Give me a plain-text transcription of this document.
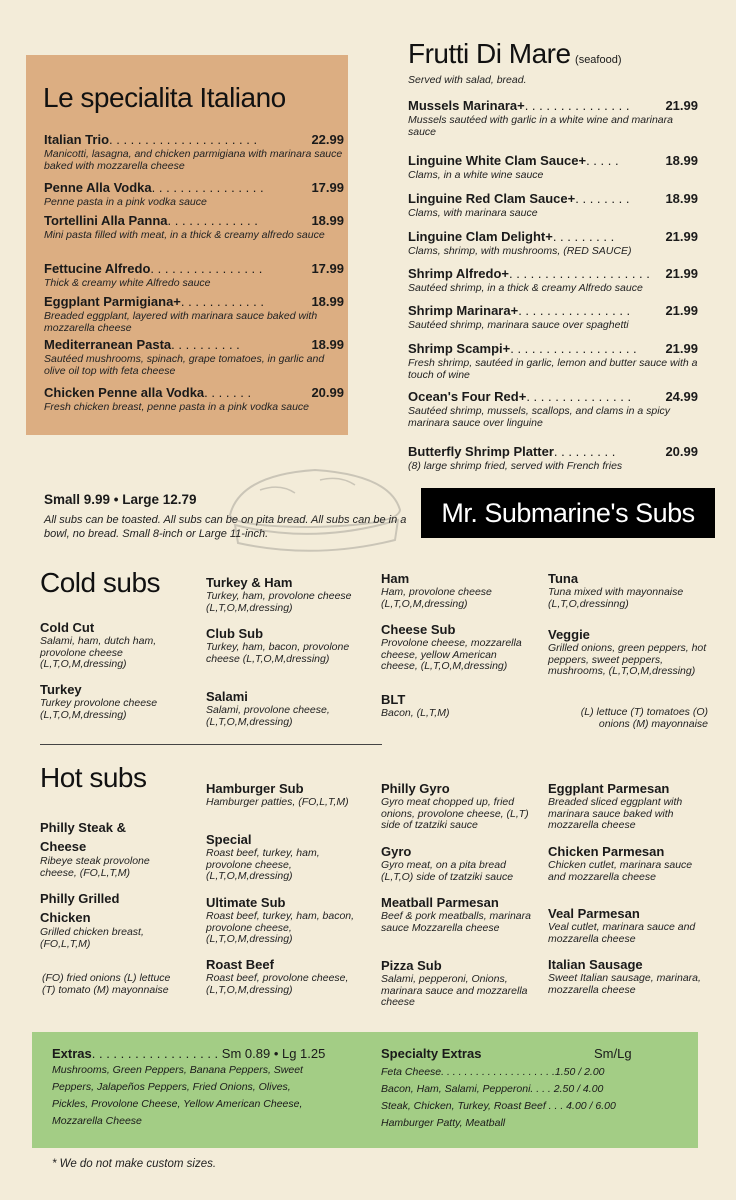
Le specialita Italiano
Italian Trio. . . . . . . . . . . . . . . . . . . . .	22.99
Manicotti, lasagna, and chicken parmigiana with marinara sauce baked with mozzarella cheese
Penne Alla Vodka. . . . . . . . . . . . . . . .	17.99
Penne pasta in a pink vodka sauce
Tortellini Alla Panna. . . . . . . . . . . . .	18.99
Mini pasta filled with meat, in a thick & creamy alfredo sauce
Fettucine Alfredo. . . . . . . . . . . . . . . .	17.99
Thick & creamy white Alfredo sauce
Eggplant Parmigiana+. . . . . . . . . . . .	18.99
Breaded eggplant, layered with marinara sauce baked with mozzarella cheese
Mediterranean Pasta. . . . . . . . . .	18.99
Sautéed mushrooms, spinach, grape tomatoes, in garlic and olive oil top with feta cheese
Chicken Penne alla Vodka. . . . . . .	20.99
Fresh chicken breast, penne pasta in a pink vodka sauce
Frutti Di Mare (seafood)
Served with salad, bread.
Mussels Marinara+. . . . . . . . . . . . . . .	21.99
Mussels sautéed with garlic in a white wine and marinara sauce
Linguine White Clam Sauce+. . . . .	18.99
Clams, in a white wine sauce
Linguine Red Clam Sauce+. . . . . . . .	18.99
Clams, with marinara sauce
Linguine Clam Delight+. . . . . . . . .	21.99
Clams, shrimp, with mushrooms, (RED SAUCE)
Shrimp Alfredo+. . . . . . . . . . . . . . . . . . . . 21.99
Sautéed shrimp, in a thick & creamy Alfredo sauce
Shrimp Marinara+. . . . . . . . . . . . . . . .	21.99
Sautéed shrimp, marinara sauce over spaghetti
Shrimp Scampi+. . . . . . . . . . . . . . . . . . 21.99
Fresh shrimp, sautéed in garlic, lemon and butter sauce with a touch of wine
Ocean's Four Red+. . . . . . . . . . . . . . .	24.99
Sautéed shrimp, mussels, scallops, and clams in a spicy marinara sauce over linguine
Butterfly Shrimp Platter. . . . . . . . .	20.99
(8) large shrimp fried, served with French fries
Small 9.99 • Large 12.79
All subs can be toasted. All subs can be on pita bread. All subs can be in a bowl, no bread. Small 8-inch or Large 11-inch.
Mr. Submarine's Subs
Cold subs
Cold Cut
Salami, ham, dutch ham, provolone cheese (L,T,O,M,dressing)
Turkey
Turkey provolone cheese (L,T,O,M,dressing)
Turkey & Ham
Turkey, ham, provolone cheese (L,T,O,M,dressing)
Club Sub
Turkey, ham, bacon, provolone cheese (L,T,O,M,dressing)
Salami
Salami, provolone cheese, (L,T,O,M,dressing)
Ham
Ham, provolone cheese (L,T,O,M,dressing)
Cheese Sub
Provolone cheese, mozzarella cheese, yellow American cheese, (L,T,O,M,dressing)
BLT
Bacon, (L,T,M)
Tuna
Tuna mixed with mayonnaise (L,T,O,dressinng)
Veggie
Grilled onions, green peppers, hot peppers, sweet peppers, mushrooms, (L,T,O,M,dressing)
(L) lettuce (T) tomatoes (O) onions (M) mayonnaise
Hot subs
Philly Steak & Cheese
Ribeye steak provolone cheese, (FO,L,T,M)
Philly Grilled Chicken
Grilled chicken breast, (FO,L,T,M)
Hamburger Sub
Hamburger patties, (FO,L,T,M)
Special
Roast beef, turkey, ham, provolone cheese, (L,T,O,M,dressing)
Ultimate Sub
Roast beef, turkey, ham, bacon, provolone cheese, (L,T,O,M,dressing)
Roast Beef
Roast beef, provolone cheese,(L,T,O,M,dressing)
Philly Gyro
Gyro meat chopped up, fried onions, provolone cheese, (L,T) side of tzatziki sauce
Gyro
Gyro meat, on a pita bread (L,T,O) side of tzatziki sauce
Meatball Parmesan
Beef & pork meatballs, marinara sauce Mozzarella cheese
Pizza Sub
Salami, pepperoni, Onions, marinara sauce and mozzarella cheese
Eggplant Parmesan
Breaded sliced eggplant with marinara sauce baked with mozzarella cheese
Chicken Parmesan
Chicken cutlet, marinara sauce and mozzarella cheese
Veal Parmesan
Veal cutlet, marinara sauce and mozzarella cheese
Italian Sausage
Sweet Italian sausage, marinara, mozzarella cheese
(FO) fried onions (L) lettuce (T) tomato (M) mayonnaise
Extras. . . . . . . . . . . . . . . . . . Sm 0.89 • Lg 1.25
Mushrooms, Green Peppers, Banana Peppers, Sweet
Peppers, Jalapeños Peppers, Fried Onions, Olives,
Pickles, Provolone Cheese, Yellow American Cheese,
Mozzarella Cheese
Specialty Extras	Sm/Lg
Feta Cheese. . . . . . . . . . . . . . . . . . . .1.50 / 2.00
Bacon, Ham, Salami, Pepperoni. . . . 2.50 / 4.00
Steak, Chicken, Turkey, Roast Beef . . . 4.00 / 6.00
Hamburger Patty, Meatball
* We do not make custom sizes.
